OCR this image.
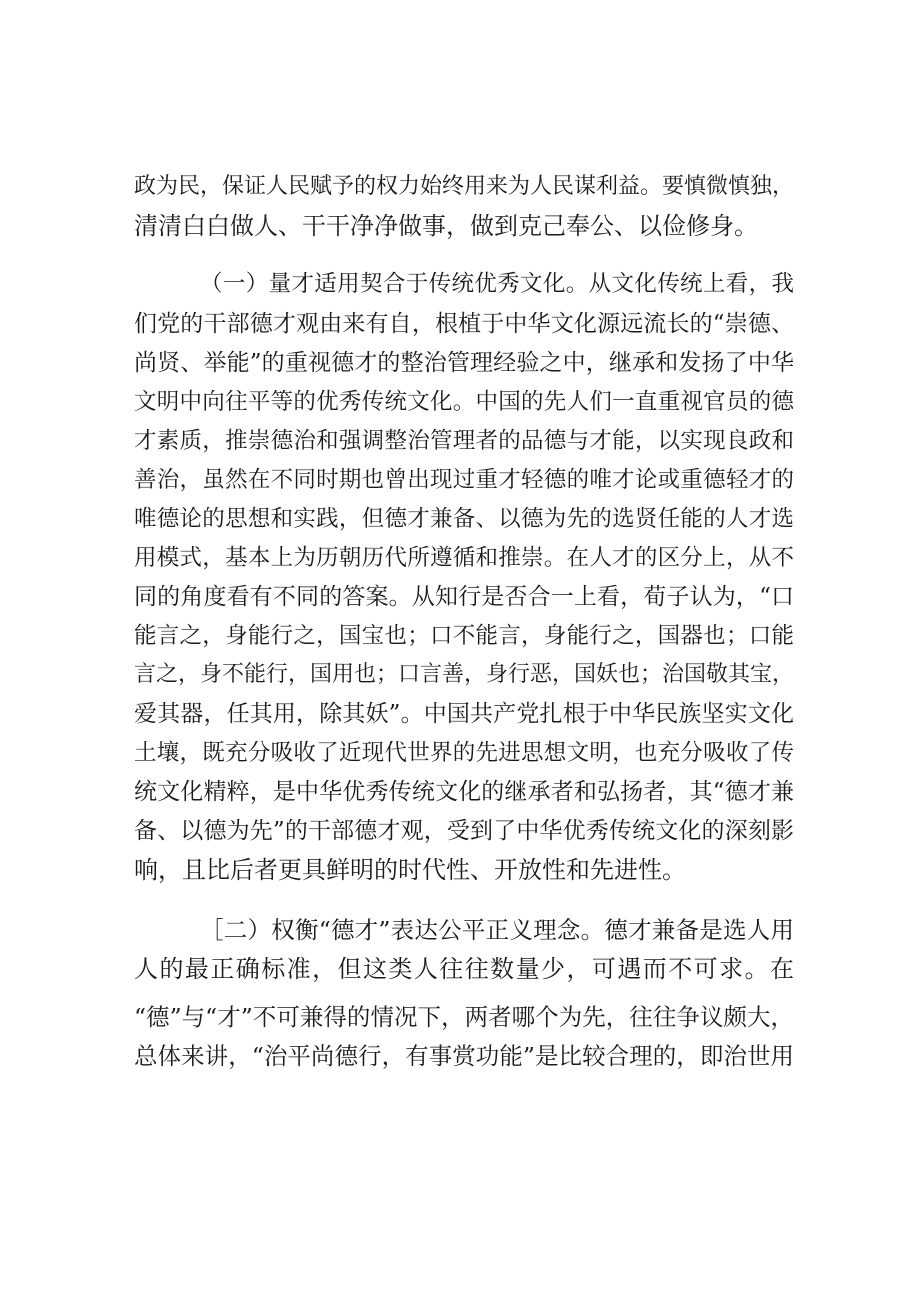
政为民，保证人民赋予的权力始终用来为人民谋利益。要慎微慎独，
清清白白做人、干干净净做事，做到克己奉公、以俭修身。
（一）量才适用契合于传统优秀文化。从文化传统上看，我
们党的干部德才观由来有自，根植于中华文化源远流长的“崇德、
尚贤、举能”的重视德才的整治管理经验之中，继承和发扬了中华
文明中向往平等的优秀传统文化。中国的先人们一直重视官员的德
才素质，推崇德治和强调整治管理者的品德与才能，以实现良政和
善治，虽然在不同时期也曾出现过重才轻德的唯才论或重德轻才的
唯德论的思想和实践，但德才兼备、以德为先的选贤任能的人才选
用模式，基本上为历朝历代所遵循和推崇。在人才的区分上，从不
同的角度看有不同的答案。从知行是否合一上看，荀子认为，“口
能言之，身能行之，国宝也；口不能言，身能行之，国器也；口能
言之，身不能行，国用也；口言善，身行恶，国妖也；治国敬其宝，
爱其器，任其用，除其妖”。中国共产党扎根于中华民族坚实文化
土壤，既充分吸收了近现代世界的先进思想文明，也充分吸收了传
统文化精粹，是中华优秀传统文化的继承者和弘扬者，其“德才兼
备、以德为先”的干部德才观，受到了中华优秀传统文化的深刻影
响，且比后者更具鲜明的时代性、开放性和先进性。
［二）权衡“德才”表达公平正义理念。德才兼备是选人用
人的最正确标准，但这类人往往数量少，可遇而不可求。在
“德”与“才”不可兼得的情况下，两者哪个为先，往往争议颇大，
总体来讲，“治平尚德行，有事赏功能”是比较合理的，即治世用
